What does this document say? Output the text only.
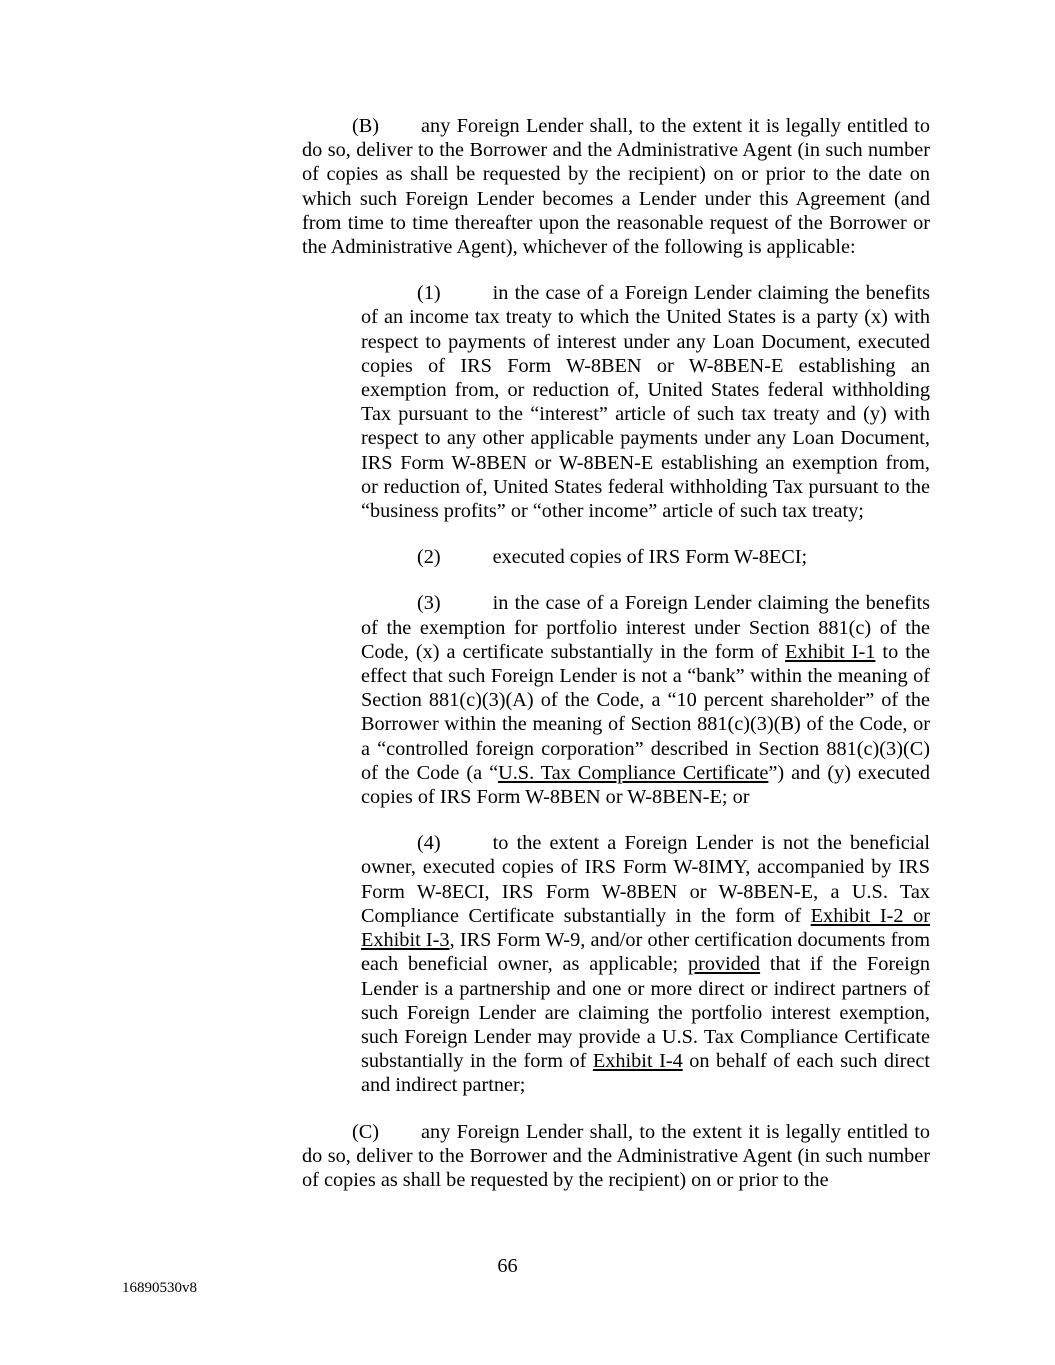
(B) any Foreign Lender shall, to the extent it is legally entitled to do so, deliver to the Borrower and the Administrative Agent (in such number of copies as shall be requested by the recipient) on or prior to the date on which such Foreign Lender becomes a Lender under this Agreement (and from time to time thereafter upon the reasonable request of the Borrower or the Administrative Agent), whichever of the following is applicable:

(1)	in the case of a Foreign Lender claiming the benefits of an income tax treaty to which the United States is a party (x) with respect to payments of interest under any Loan Document, executed copies of IRS Form W-8BEN or W-8BEN-E establishing an exemption from, or reduction of, United States federal withholding Tax pursuant to the “interest” article of such tax treaty and (y) with respect to any other applicable payments under any Loan Document, IRS Form W-8BEN or W-8BEN-E establishing an exemption from, or reduction of, United States federal withholding Tax pursuant to the “business profits” or “other income” article of such tax treaty;

(2)	executed copies of IRS Form W-8ECI;

(3)	in the case of a Foreign Lender claiming the benefits of the exemption for portfolio interest under Section 881(c) of the Code, (x) a certificate substantially in the form of Exhibit I-1 to the effect that such Foreign Lender is not a “bank” within the meaning of Section 881(c)(3)(A) of the Code, a “10 percent shareholder” of the Borrower within the meaning of Section 881(c)(3)(B) of the Code, or a “controlled foreign corporation” described in Section 881(c)(3)(C) of the Code (a “U.S. Tax Compliance Certificate”) and (y) executed copies of IRS Form W-8BEN or W-8BEN-E; or

(4)	to the extent a Foreign Lender is not the beneficial owner, executed copies of IRS Form W-8IMY, accompanied by IRS Form W-8ECI, IRS Form W-8BEN or W-8BEN-E, a U.S. Tax Compliance Certificate substantially in the form of Exhibit I-2 or Exhibit I-3, IRS Form W-9, and/or other certification documents from each beneficial owner, as applicable; provided that if the Foreign Lender is a partnership and one or more direct or indirect partners of such Foreign Lender are claiming the portfolio interest exemption, such Foreign Lender may provide a U.S. Tax Compliance Certificate substantially in the form of Exhibit I-4 on behalf of each such direct and indirect partner;

(C) any Foreign Lender shall, to the extent it is legally entitled to do so, deliver to the Borrower and the Administrative Agent (in such number of copies as shall be requested by the recipient) on or prior to the

66
16890530v8
